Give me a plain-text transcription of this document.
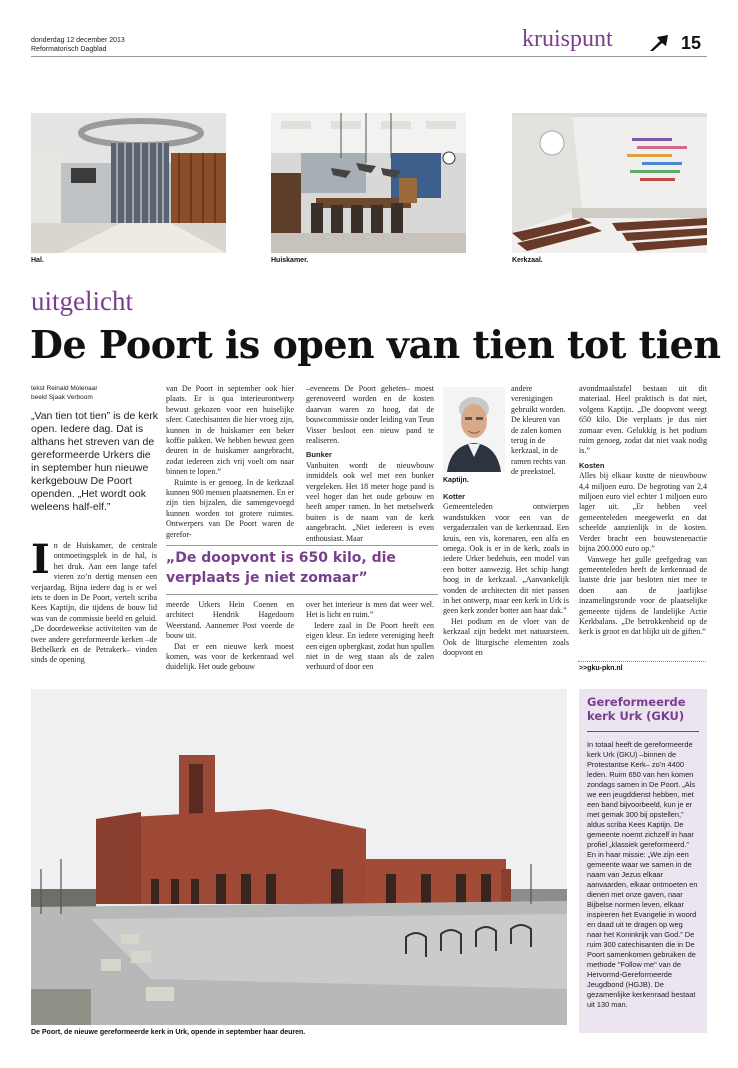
donderdag 12 december 2013
Reformatorisch Dagblad	kruispunt	15
Hal.	Huiskamer.	Kerkzaal.
uitgelicht
De Poort is open van tien tot tien
tekst Reinald Molenaar
beeld Sjaak Verboom
„Van tien tot tien” is de kerk open. Iedere dag. Dat is althans het streven van de gereformeerde Urkers die in september hun nieuwe kerkgebouw De Poort openden. „Het wordt ook weleens half-elf.”
I n de Huiskamer, de centrale ontmoetingsplek in de hal, is het druk. Aan een lange tafel vieren zo’n dertig mensen een verjaardag. Bijna iedere dag is er wel iets te doen in De Poort, vertelt scriba Kees Kaptijn, die tijdens de bouw lid was van de commissie beeld en geluid. „De doordeweekse activiteiten van de twee andere gereformeerde kerken –de Bethelkerk en de Petrakerk– vinden sinds de opening

van De Poort in september ook hier plaats. Er is qua interieurontwerp bewust gekozen voor een huiselijke sfeer. Catechisanten die hier vroeg zijn, kunnen in de huiskamer een beker koffie pakken. We hebben bewust geen deuren in de huiskamer aangebracht, zodat iedereen zich vrij voelt om naar binnen te lopen.”

Ruimte is er genoeg. In de kerkzaal kunnen 900 mensen plaatsnemen. En er zijn tien bijzalen, die samengevoegd kunnen worden tot grotere ruimtes. Ontwerpers van De Poort waren de gerefor-

–eveneens De Poort geheten– moest gerenoveerd worden en de kosten daarvan waren zo hoog, dat de bouwcommissie onder leiding van Teun Visser besloot een nieuw pand te realiseren.

Bunker

Vanbuiten wordt de nieuwbouw inmiddels ook wel met een bunker vergeleken. Het 18 meter hoge pand is veel hoger dan het oude gebouw en heeft amper ramen. In het metselwerk buiten is de naam van de kerk aangebracht. „Niet iedereen is even enthousiast. Maar

Kaptijn.

andere verenigingen gebruikt worden. De kleuren van de zalen komen terug in de kerkzaal, in de ramen rechts van de preekstoel.

Kotter

Gemeenteleden ontwierpen wandstukken voor een van de vergaderzalen van de kerkenraad. Een kruis, een vis, korenaren, een alfa en omega. Ook is er in de kerk, zoals in iedere Urker bedehuis, een model van een botter aanwezig. Het schip hangt hoog in de kerkzaal. „Aanvankelijk vonden de architecten dit niet passen in het ontwerp, maar een kerk in Urk is geen kerk zonder botter aan haar dak.”

Het podium en de vloer van de kerkzaal zijn bedekt met natuursteen. Ook de liturgische elementen zoals doopvont en

avondmaalstafel bestaan uit dit materiaal. Heel praktisch is dat niet, volgens Kaptijn. „De doopvont weegt 650 kilo. Die verplaats je dus niet zomaar even. Gelukkig is het podium ruim genoeg, zodat dat niet vaak nodig is.”

Kosten

Alles bij elkaar kostte de nieuwbouw 4,4 miljoen euro. De begroting van 2,4 miljoen euro viel echter 1 miljoen euro lager uit. „Er hebben veel gemeenteleden meegewerkt en dat scheelde aanzienlijk in de kosten. Verder bracht een bouwstenenactie bijna 200.000 euro op.”

Vanwege het gulle geefgedrag van gemeenteleden heeft de kerkenraad de laatste drie jaar besloten niet mee te doen aan de jaarlijkse inzamelingsronde voor de plaatselijke gemeente tijdens de landelijke Actie Kerkbalans. „De betrokkenheid op de kerk is groot en dat blijkt uit de giften.”

>>gku-pkn.nl
„De doopvont is 650 kilo, die verplaats je niet zomaar”

meerde Urkers Hein Coenen en architect Hendrik Hagedoorn Weerstand. Aannemer Post voerde de bouw uit.

Dat er een nieuwe kerk moest komen, was voor de kerkenraad wel duidelijk. Het oude gebouw

over het interieur is men dat weer wel. Het is licht en ruim.”

Iedere zaal in De Poort heeft een eigen kleur. En iedere vereniging heeft een eigen opbergkast, zodat hun spullen niet in de weg staan als de zalen verhuurd of door een

De Poort, de nieuwe gereformeerde kerk in Urk, opende in september haar deuren.
Gereformeerde kerk Urk (GKU)
In totaal heeft de gereformeerde kerk Urk (GKU) –binnen de Protestantse Kerk– zo’n 4400 leden. Ruim 650 van hen komen zondags samen in De Poort. „Als we een jeugddienst hebben, met een band bijvoorbeeld, kun je er met gemak 300 bij opstellen,” aldus scriba Kees Kaptijn. De gemeente noemt zichzelf in haar profiel „klassiek gereformeerd.” En in haar missie: „We zijn een gemeente waar we samen in de naam van Jezus elkaar aanvaarden, elkaar ontmoeten en dienen met onze gaven, naar Bijbelse normen leven, elkaar inspireren het Evangelie in woord en daad uit te dragen op weg naar het Koninkrijk van God.” De ruim 300 catechisanten die in De Poort samenkomen gebruiken de methode "Follow me" van de Hervormd-Gereformeerde Jeugdbond (HGJB). De gezamenlijke kerkenraad bestaat uit 130 man.
